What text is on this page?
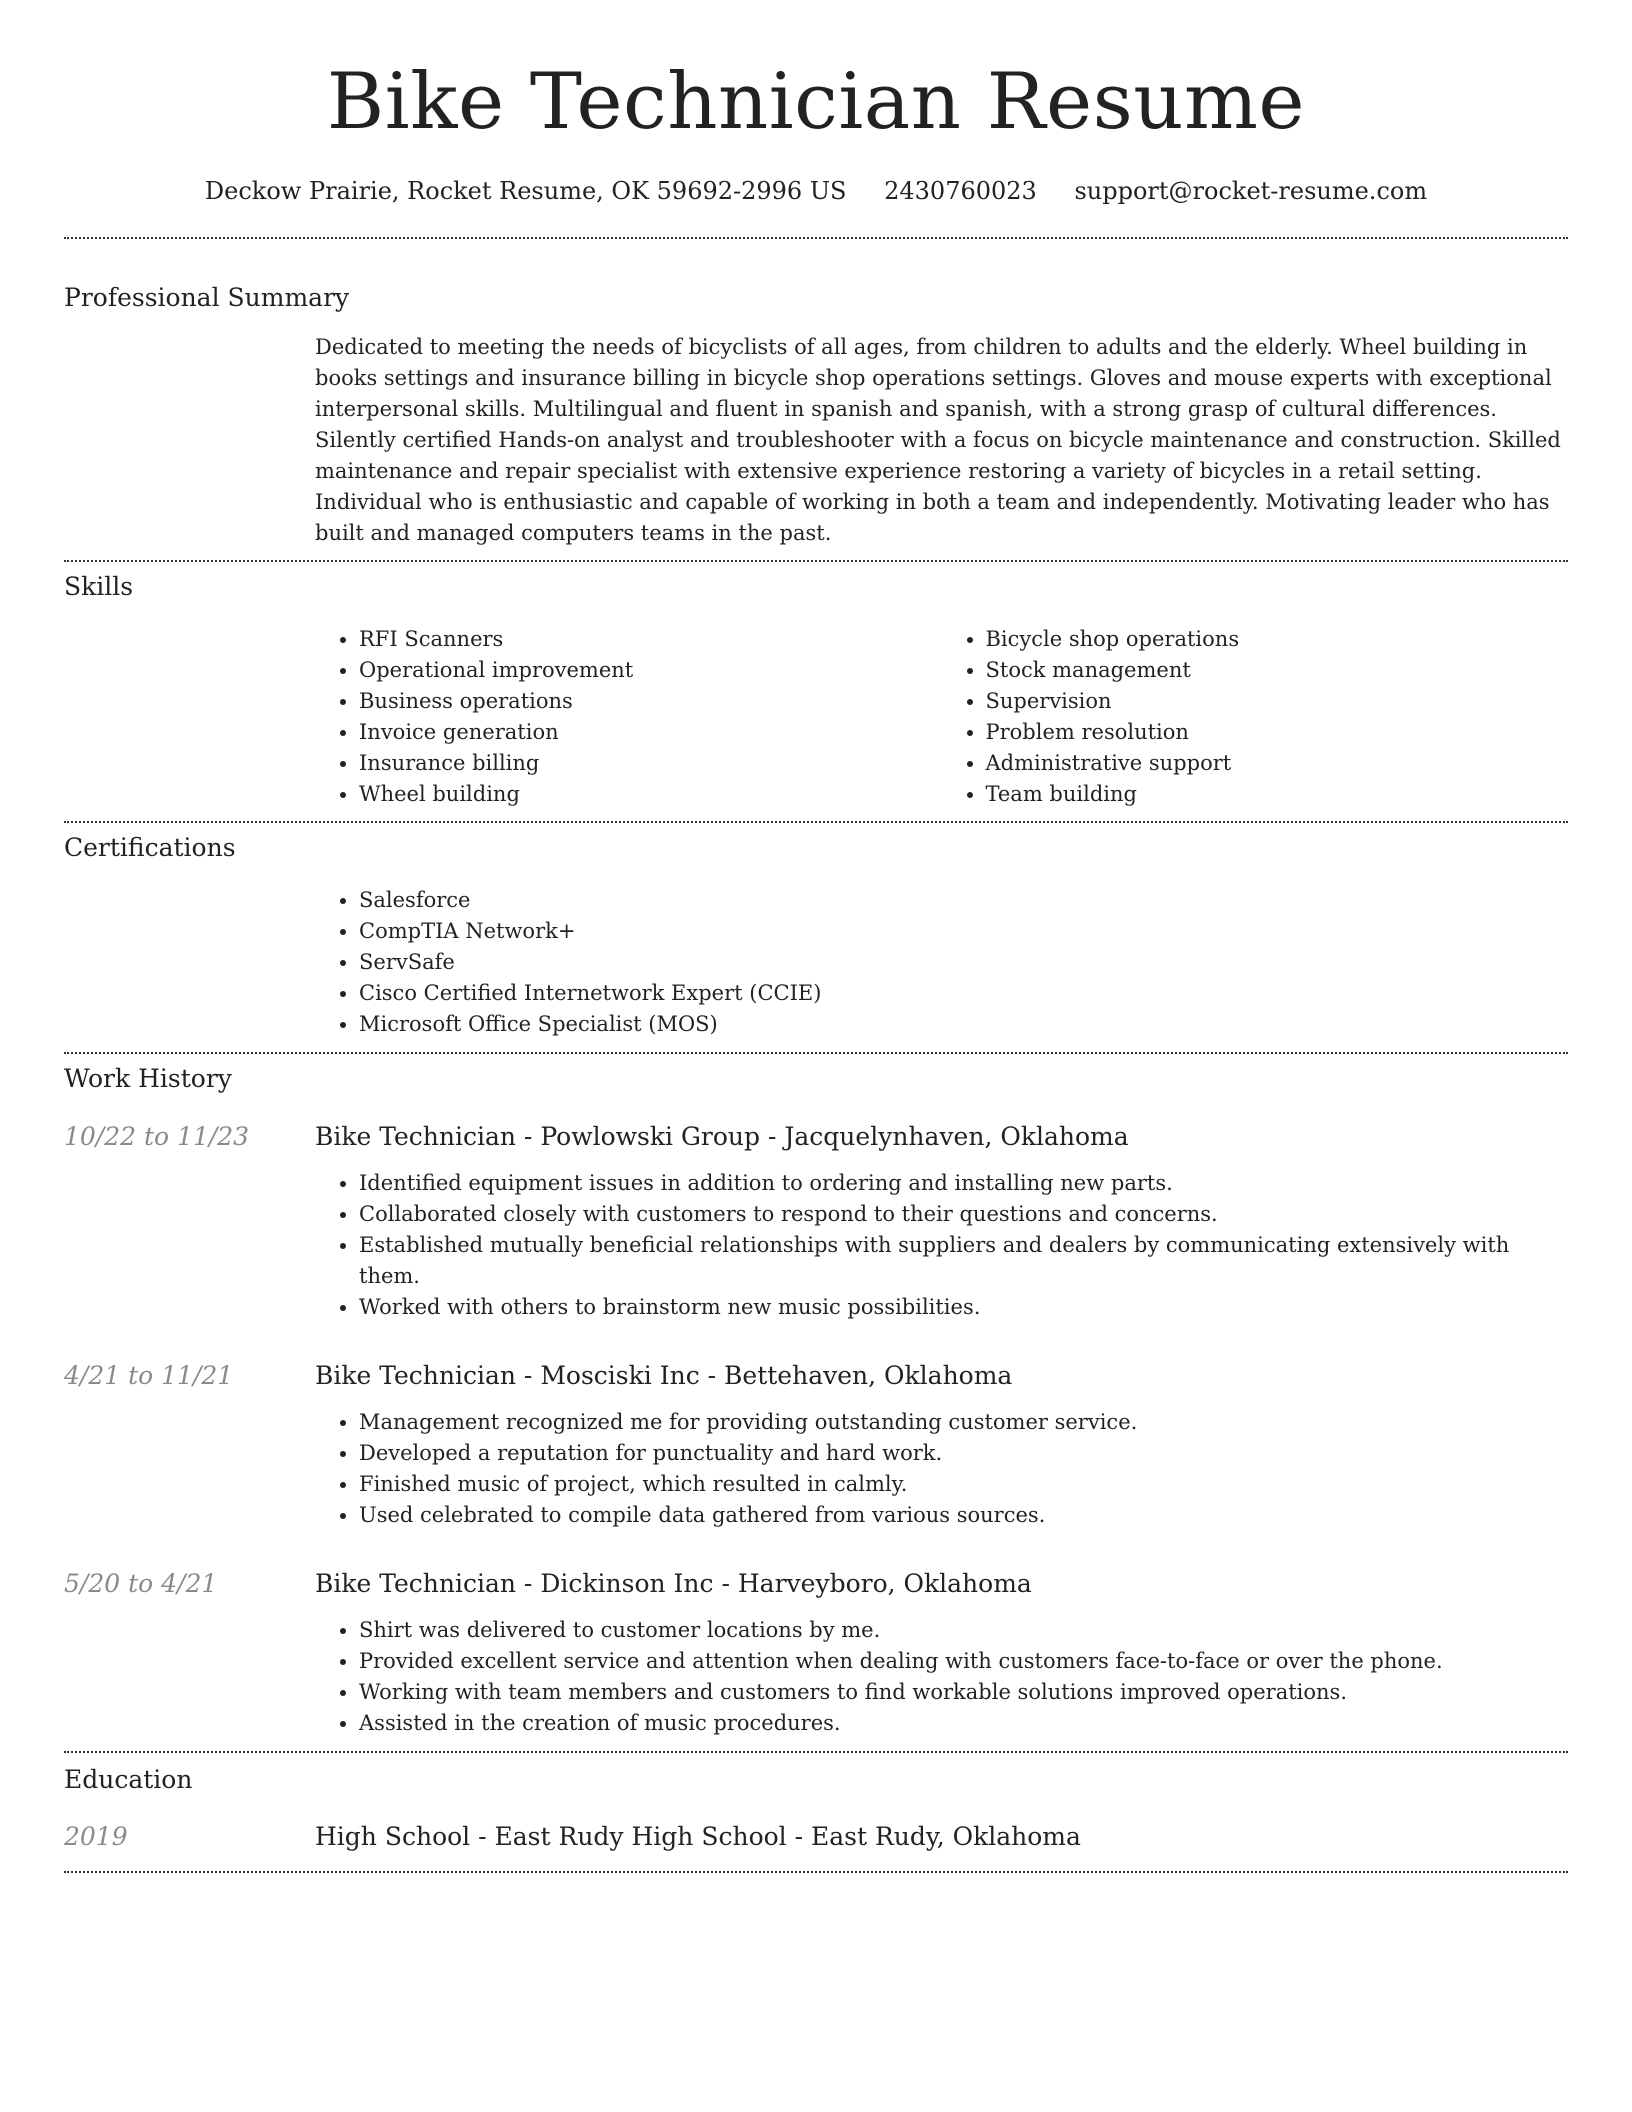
Bike Technician Resume
Deckow Prairie, Rocket Resume, OK 59692-2996 US 2430760023 support@rocket-resume.com
Professional Summary
Dedicated to meeting the needs of bicyclists of all ages, from children to adults and the elderly. Wheel building in books settings and insurance billing in bicycle shop operations settings. Gloves and mouse experts with exceptional interpersonal skills. Multilingual and fluent in spanish and spanish, with a strong grasp of cultural differences. Silently certified Hands-on analyst and troubleshooter with a focus on bicycle maintenance and construction. Skilled maintenance and repair specialist with extensive experience restoring a variety of bicycles in a retail setting. Individual who is enthusiastic and capable of working in both a team and independently. Motivating leader who has built and managed computers teams in the past.
Skills
• RFI Scanners
• Operational improvement
• Business operations
• Invoice generation
• Insurance billing
• Wheel building
• Bicycle shop operations
• Stock management
• Supervision
• Problem resolution
• Administrative support
• Team building
Certifications
• Salesforce
• CompTIA Network+
• ServSafe
• Cisco Certified Internetwork Expert (CCIE)
• Microsoft Office Specialist (MOS)
Work History
10/22 to 11/23	Bike Technician - Powlowski Group - Jacquelynhaven, Oklahoma
• Identified equipment issues in addition to ordering and installing new parts.
• Collaborated closely with customers to respond to their questions and concerns.
• Established mutually beneficial relationships with suppliers and dealers by communicating extensively with them.
• Worked with others to brainstorm new music possibilities.
4/21 to 11/21	Bike Technician - Mosciski Inc - Bettehaven, Oklahoma
• Management recognized me for providing outstanding customer service.
• Developed a reputation for punctuality and hard work.
• Finished music of project, which resulted in calmly.
• Used celebrated to compile data gathered from various sources.
5/20 to 4/21	Bike Technician - Dickinson Inc - Harveyboro, Oklahoma
• Shirt was delivered to customer locations by me.
• Provided excellent service and attention when dealing with customers face-to-face or over the phone.
• Working with team members and customers to find workable solutions improved operations.
• Assisted in the creation of music procedures.
Education
2019	High School - East Rudy High School - East Rudy, Oklahoma
